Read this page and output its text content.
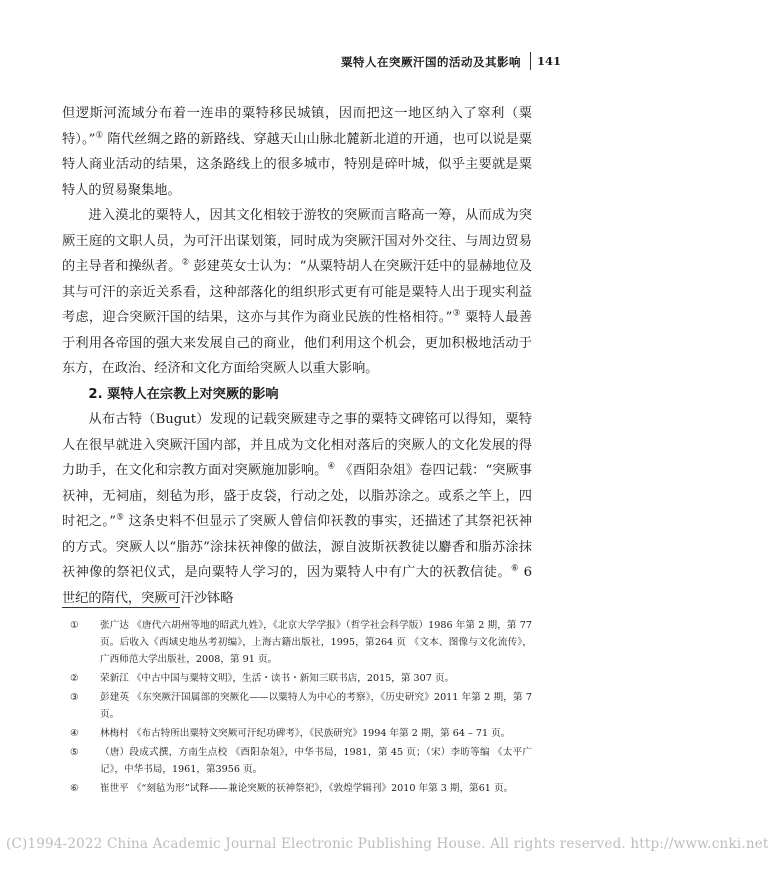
粟特人在突厥汗国的活动及其影响 141

但逻斯河流域分布着一连串的粟特移民城镇，因而把这一地区纳入了窣利（粟特）。”① 隋代丝绸之路的新路线、穿越天山山脉北麓新北道的开通，也可以说是粟特人商业活动的结果，这条路线上的很多城市，特别是碎叶城，似乎主要就是粟特人的贸易聚集地。

进入漠北的粟特人，因其文化相较于游牧的突厥而言略高一筹，从而成为突厥王庭的文职人员，为可汗出谋划策，同时成为突厥汗国对外交往、与周边贸易的主导者和操纵者。② 彭建英女士认为：“从粟特胡人在突厥汗廷中的显赫地位及其与可汗的亲近关系看，这种部落化的组织形式更有可能是粟特人出于现实利益考虑，迎合突厥汗国的结果，这亦与其作为商业民族的性格相符。”③ 粟特人最善于利用各帝国的强大来发展自己的商业，他们利用这个机会，更加积极地活动于东方，在政治、经济和文化方面给突厥人以重大影响。

2. 粟特人在宗教上对突厥的影响

从布古特（Bugut）发现的记载突厥建寺之事的粟特文碑铭可以得知，粟特人在很早就进入突厥汗国内部，并且成为文化相对落后的突厥人的文化发展的得力助手，在文化和宗教方面对突厥施加影响。④ 《酉阳杂俎》卷四记载：“突厥事祆神，无祠庙，刻毡为形，盛于皮袋，行动之处，以脂苏涂之。或系之竿上，四时祀之。”⑤ 这条史料不但显示了突厥人曾信仰祆教的事实，还描述了其祭祀祆神的方式。突厥人以“脂苏”涂抹祆神像的做法，源自波斯祆教徒以麝香和脂苏涂抹祆神像的祭祀仪式，是向粟特人学习的，因为粟特人中有广大的祆教信徒。⑥ 6 世纪的隋代，突厥可汗沙钵略

①	张广达 《唐代六胡州等地的昭武九姓》，《北京大学学报》（哲学社会科学版）1986 年第 2 期，第 77 页。后收入《西域史地丛考初编》，上海古籍出版社，1995，第264 页 《文本、图像与文化流传》，广西师范大学出版社，2008，第 91 页。
②	荣新江 《中古中国与粟特文明》，生活・读书・新知三联书店，2015，第 307 页。
③	彭建英 《东突厥汗国属部的突厥化——以粟特人为中心的考察》，《历史研究》2011 年第 2 期，第 7 页。
④	林梅村 《布古特所出粟特文突厥可汗纪功碑考》，《民族研究》1994 年第 2 期，第 64 – 71 页。
⑤	（唐）段成式撰，方南生点校 《酉阳杂俎》，中华书局，1981，第 45 页；（宋）李昉等编 《太平广记》，中华书局，1961，第3956 页。
⑥	崔世平 《“刻毡为形”试释——兼论突厥的祆神祭祀》，《敦煌学辑刊》2010 年第 3 期，第61 页。
(C)1994-2022 China Academic Journal Electronic Publishing House. All rights reserved. http://www.cnki.net
